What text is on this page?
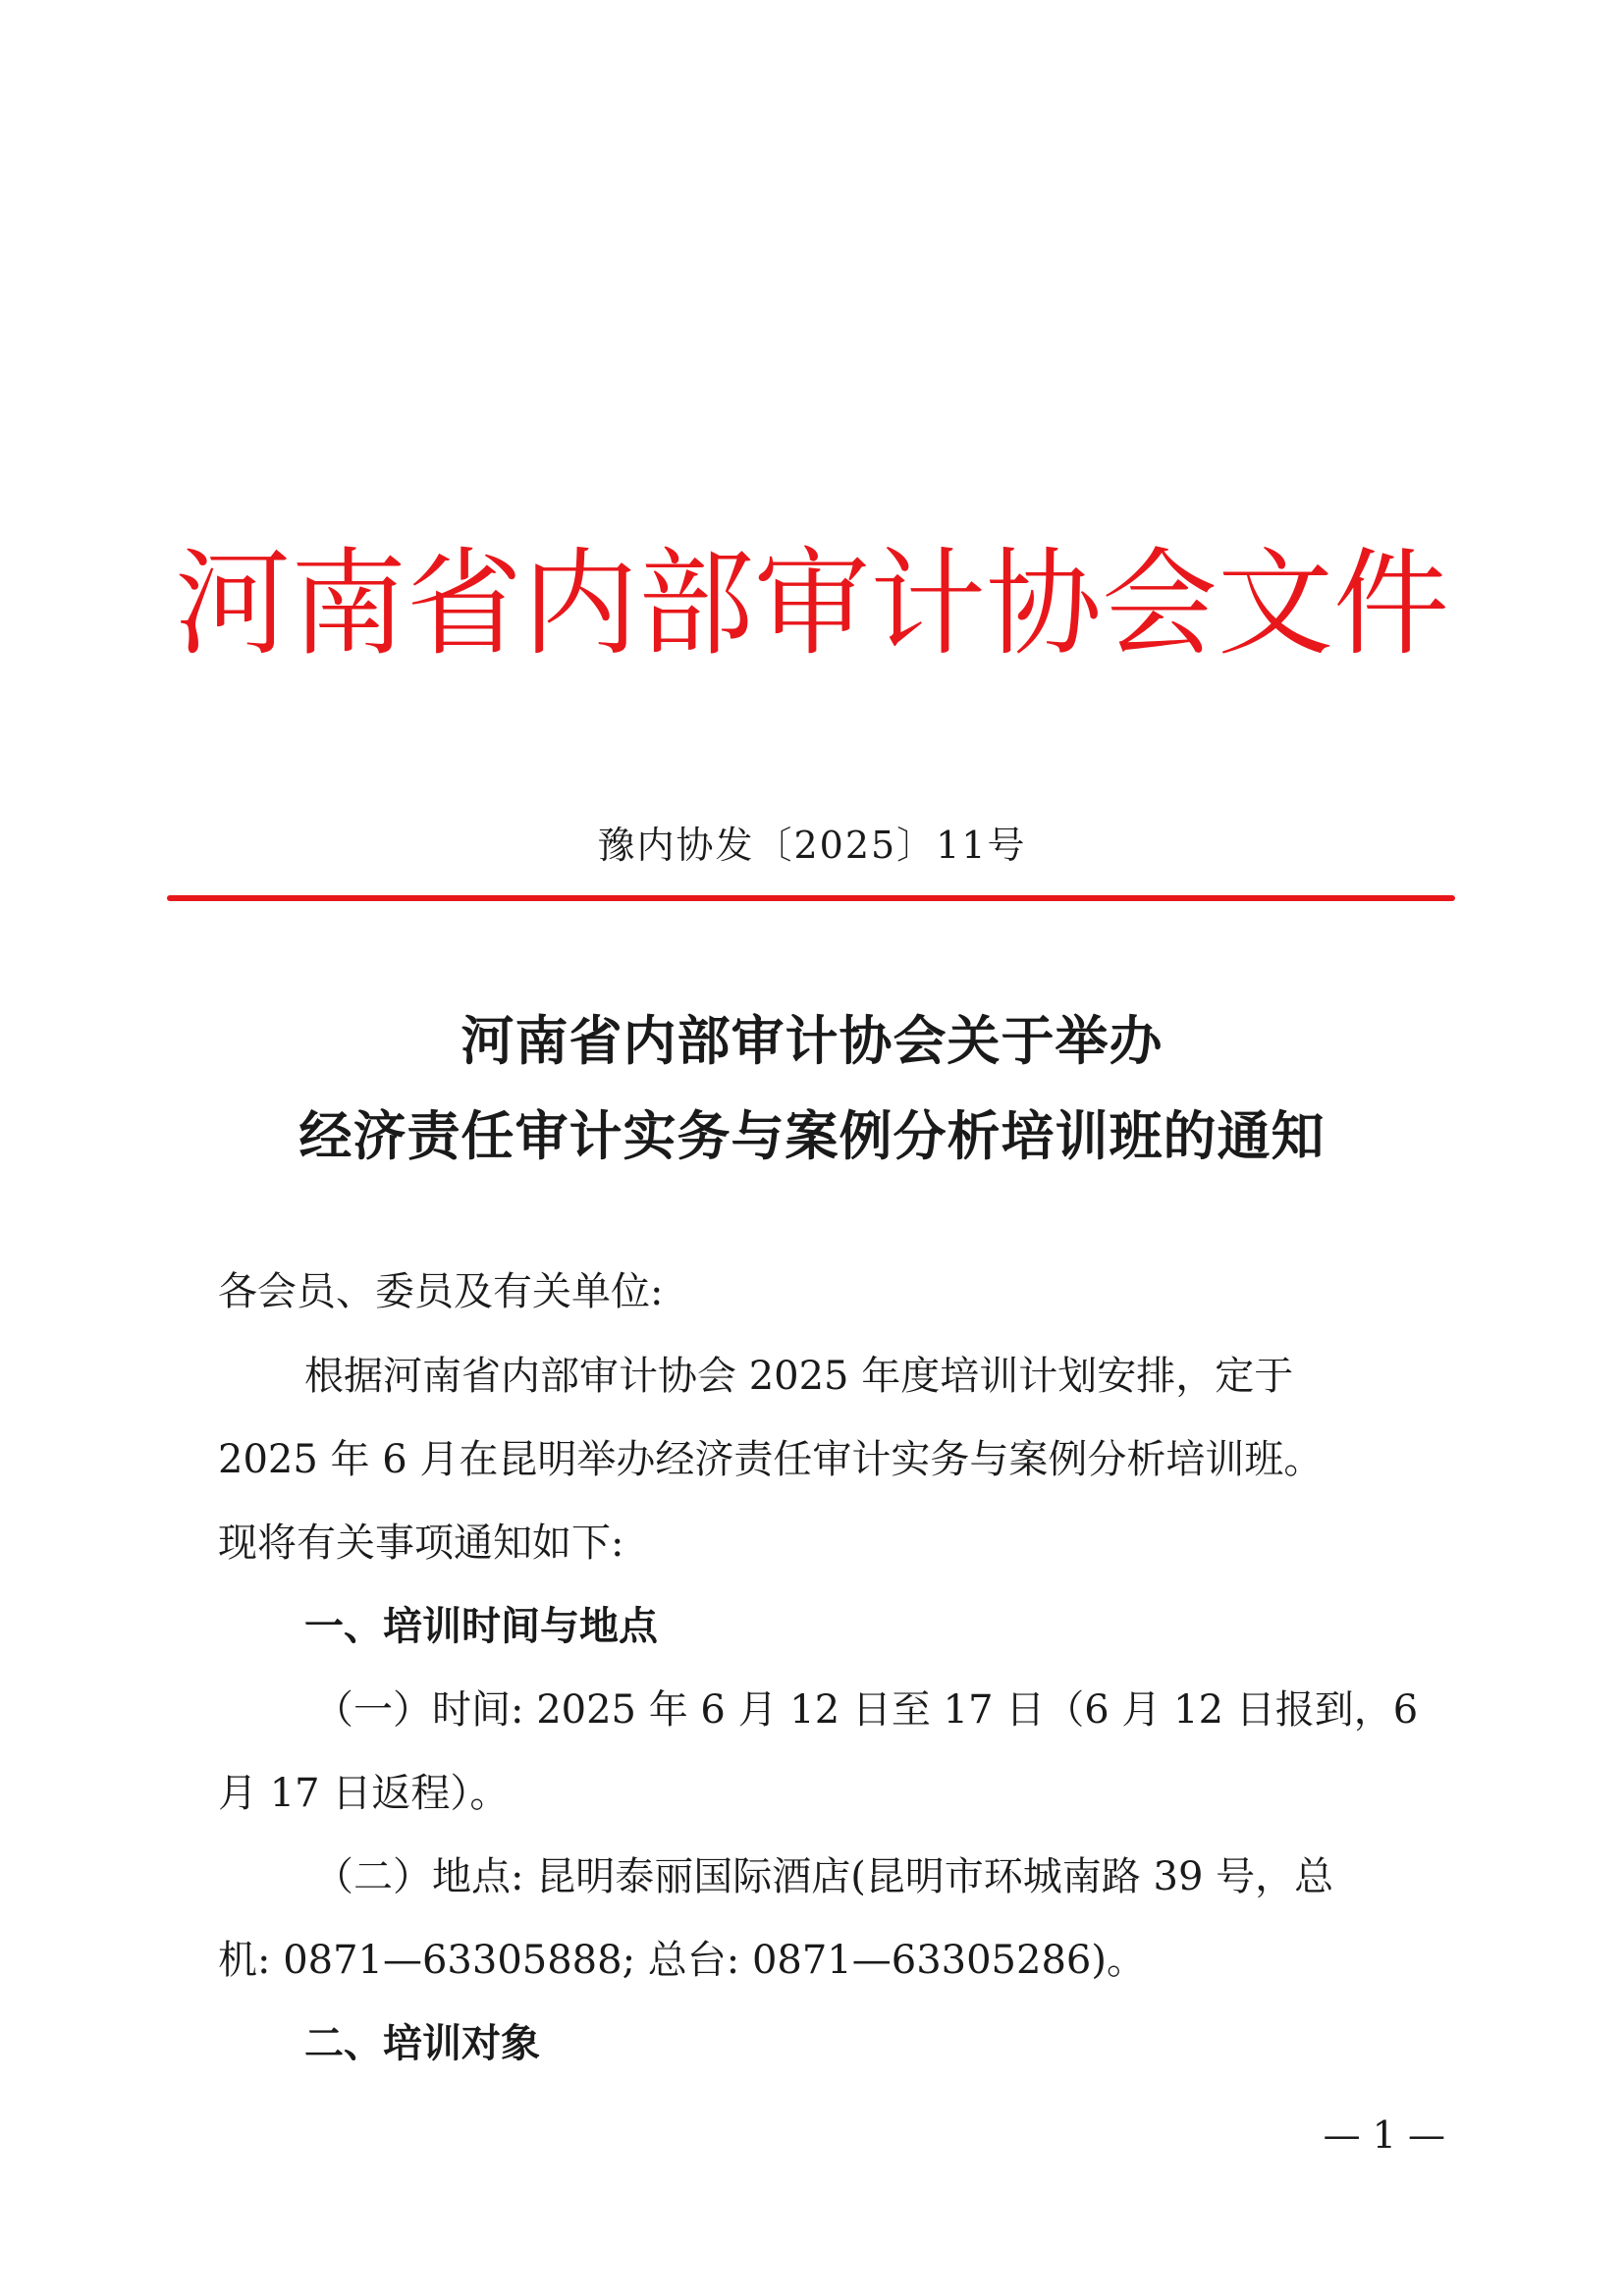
河南省内部审计协会文件
豫内协发〔2025〕11号
河南省内部审计协会关于举办
经济责任审计实务与案例分析培训班的通知
各会员、委员及有关单位:
根据河南省内部审计协会 2025 年度培训计划安排，定于
2025 年 6 月在昆明举办经济责任审计实务与案例分析培训班。
现将有关事项通知如下:
一、培训时间与地点
（一）时间: 2025 年 6 月 12 日至 17 日（6 月 12 日报到，6
月 17 日返程）。
（二）地点: 昆明泰丽国际酒店(昆明市环城南路 39 号，总
机: 0871—63305888; 总台: 0871—63305286)。
二、培训对象
— 1 —
